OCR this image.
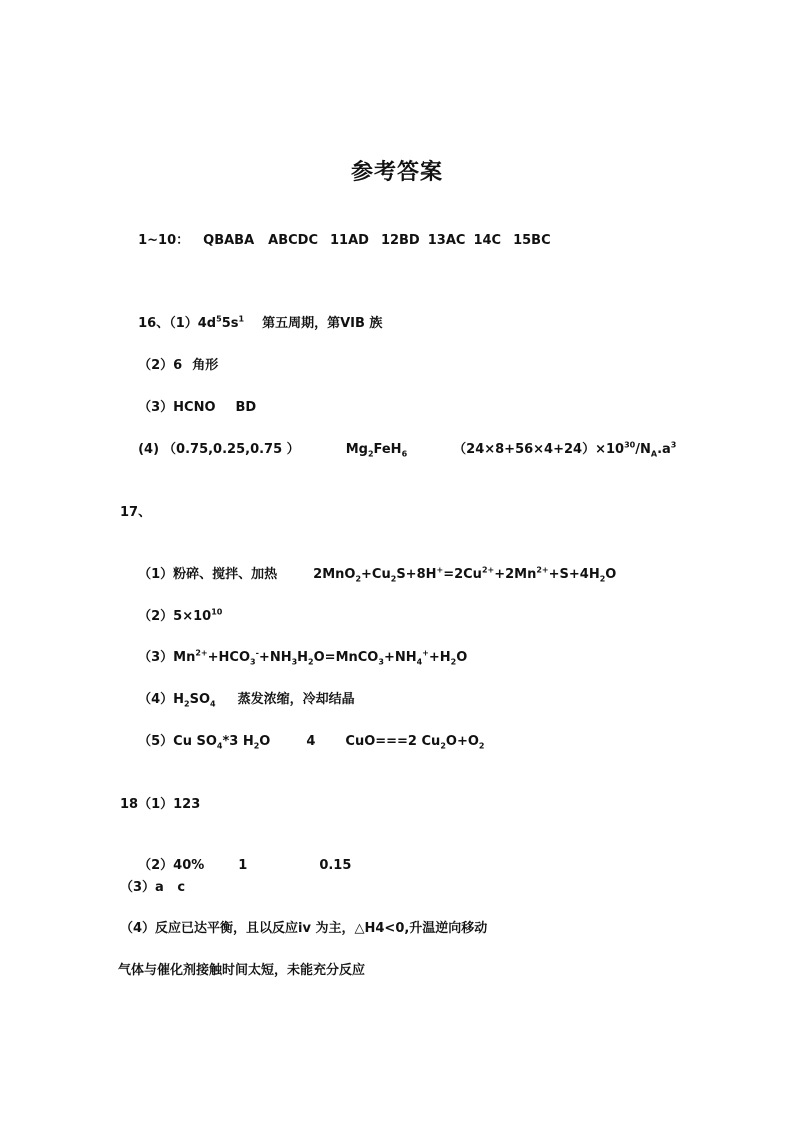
参考答案

1~10： QBABA ABCDC 11AD 12BD 13AC 14C 15BC

16、$(1)4d^55s^1$ 第五周期，第VIB 族

（2）6 角形

（3）HCNO BD

(4) （0.75,0.25,0.75 ）	$Mg_2FeH_6$	$(24\times 8+56\times 4+24)\times 10^{30}/N_A.a^3$

17、

（1）粉碎、搅拌、加热	$2MnO_2+Cu_2S+8H^+=2Cu^{2+}+2Mn^{2+}+S+4H_2O$

$(2)5\times 10^{10}$

$(3)Mn^{2+}+HCO_3^-+NH_3H_2O=MnCO_3+NH_4^++H_2O$

$(4)H_2SO_4$ 蒸发浓缩，冷却结晶

（5）Cu $SO_4*3$ $H_2O$	4 CuO===2 $Cu_2O+O_2$

18（1）123

（2）40%	1	0.15

（3）a   c
（4）反应已达平衡，且以反应iv 为主，△H4<0,升温逆向移动
气体与催化剂接触时间太短，未能充分反应
